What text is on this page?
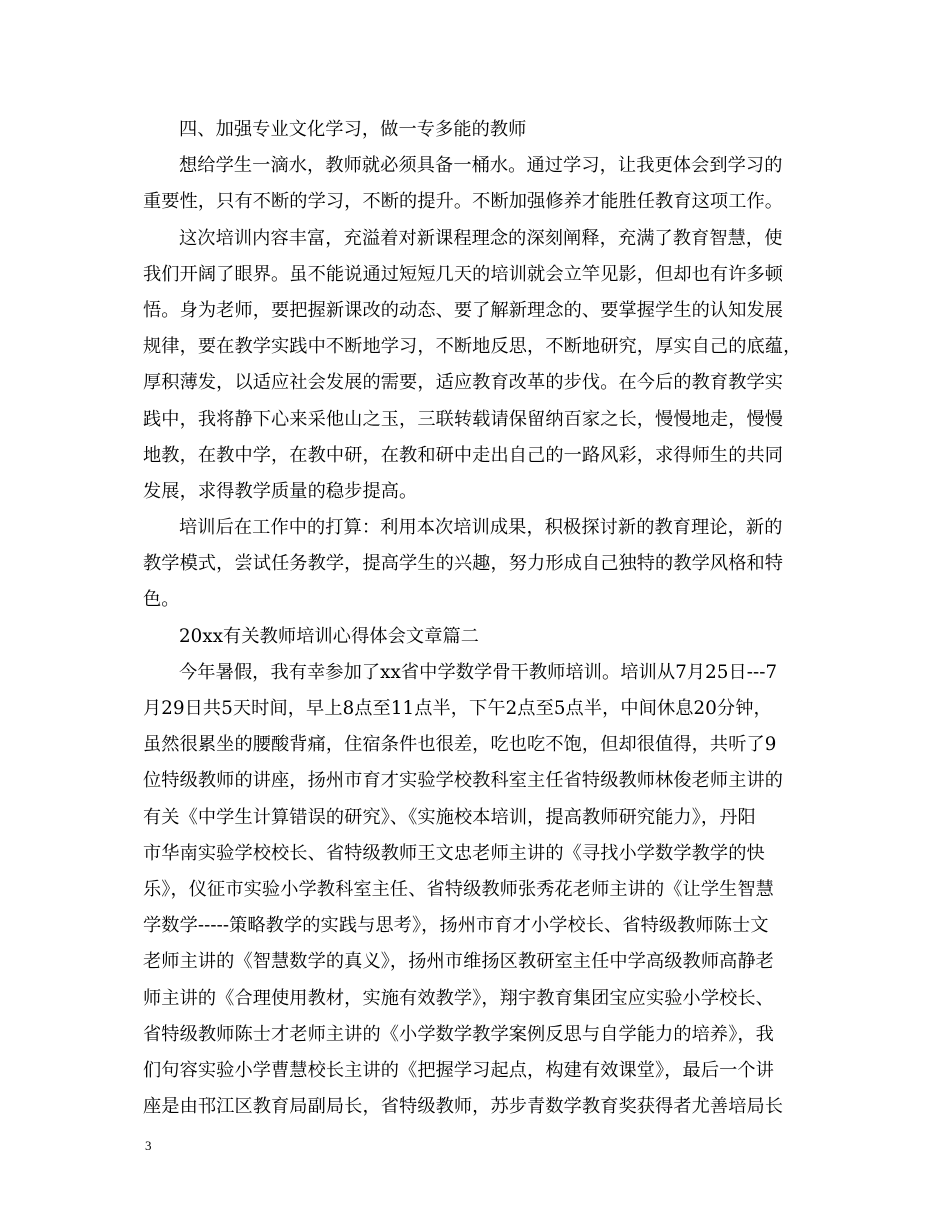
四、加强专业文化学习，做一专多能的教师
想给学生一滴水，教师就必须具备一桶水。通过学习，让我更体会到学习的
重要性，只有不断的学习，不断的提升。不断加强修养才能胜任教育这项工作。
这次培训内容丰富，充溢着对新课程理念的深刻阐释，充满了教育智慧，使
我们开阔了眼界。虽不能说通过短短几天的培训就会立竿见影，但却也有许多顿
悟。身为老师，要把握新课改的动态、要了解新理念的、要掌握学生的认知发展
规律，要在教学实践中不断地学习，不断地反思，不断地研究，厚实自己的底蕴，
厚积薄发，以适应社会发展的需要，适应教育改革的步伐。在今后的教育教学实
践中，我将静下心来采他山之玉，三联转载请保留纳百家之长，慢慢地走，慢慢
地教，在教中学，在教中研，在教和研中走出自己的一路风彩，求得师生的共同
发展，求得教学质量的稳步提高。
培训后在工作中的打算：利用本次培训成果，积极探讨新的教育理论，新的
教学模式，尝试任务教学，提高学生的兴趣，努力形成自己独特的教学风格和特
色。
20xx有关教师培训心得体会文章篇二
今年暑假，我有幸参加了xx省中学数学骨干教师培训。培训从7月25日---7
月29日共5天时间，早上8点至11点半，下午2点至5点半，中间休息20分钟，
虽然很累坐的腰酸背痛，住宿条件也很差，吃也吃不饱，但却很值得，共听了9
位特级教师的讲座，扬州市育才实验学校教科室主任省特级教师林俊老师主讲的
有关《中学生计算错误的研究》、《实施校本培训，提高教师研究能力》，丹阳
市华南实验学校校长、省特级教师王文忠老师主讲的《寻找小学数学教学的快
乐》，仪征市实验小学教科室主任、省特级教师张秀花老师主讲的《让学生智慧
学数学-----策略教学的实践与思考》，扬州市育才小学校长、省特级教师陈士文
老师主讲的《智慧数学的真义》，扬州市维扬区教研室主任中学高级教师高静老
师主讲的《合理使用教材，实施有效教学》，翔宇教育集团宝应实验小学校长、
省特级教师陈士才老师主讲的《小学数学教学案例反思与自学能力的培养》，我
们句容实验小学曹慧校长主讲的《把握学习起点，构建有效课堂》，最后一个讲
座是由邗江区教育局副局长，省特级教师，苏步青数学教育奖获得者尤善培局长
3
